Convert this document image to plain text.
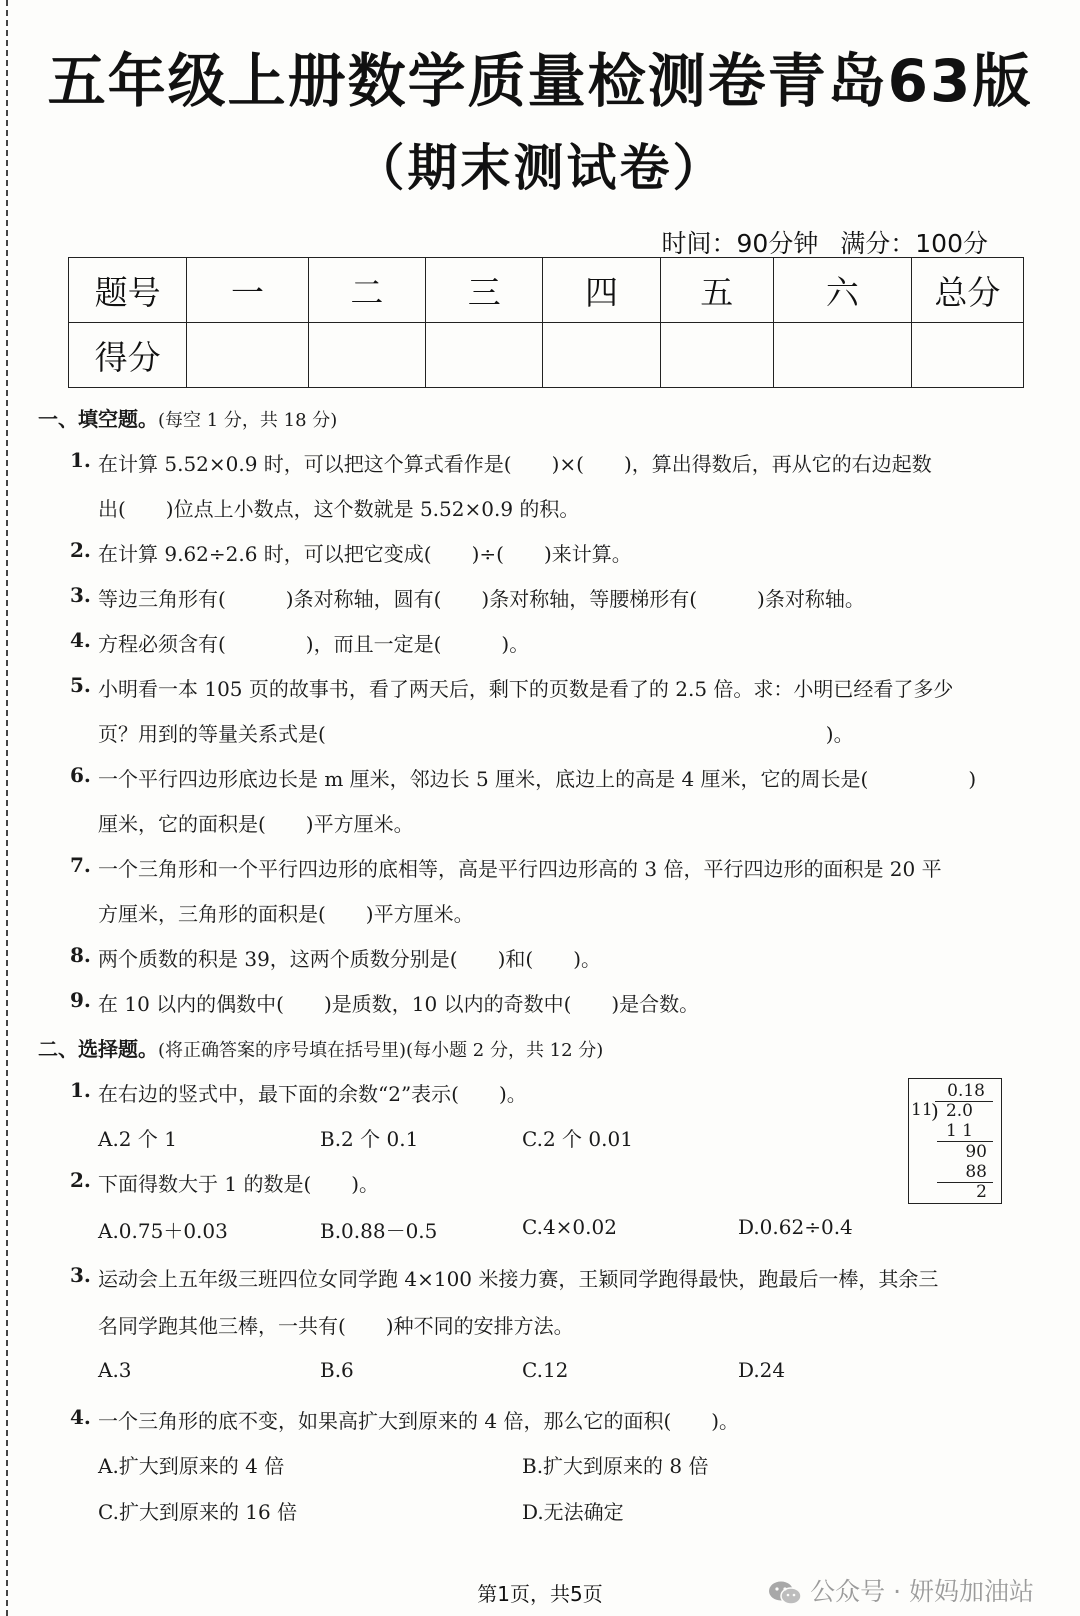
五年级上册数学质量检测卷青岛63版
（期末测试卷）
时间：90分钟 满分：100分
题号	一	二	三	四	五	六	总分
得分							
一、填空题。(每空 1 分，共 18 分)
1. 在计算 5.52×0.9 时，可以把这个算式看作是(　　)×(　　)，算出得数后，再从它的右边起数
出(　　)位点上小数点，这个数就是 5.52×0.9 的积。
2. 在计算 9.62÷2.6 时，可以把它变成(　　)÷(　　)来计算。
3. 等边三角形有(　　　)条对称轴，圆有(　　)条对称轴，等腰梯形有(　　　)条对称轴。
4. 方程必须含有(　　　　)，而且一定是(　　　)。
5. 小明看一本 105 页的故事书，看了两天后，剩下的页数是看了的 2.5 倍。求：小明已经看了多少
页？用到的等量关系式是(　　　　　　　　　　　　　　　　　　　　　　　　　)。
6. 一个平行四边形底边长是 m 厘米，邻边长 5 厘米，底边上的高是 4 厘米，它的周长是(　　　　　)
厘米，它的面积是(　　)平方厘米。
7. 一个三角形和一个平行四边形的底相等，高是平行四边形高的 3 倍，平行四边形的面积是 20 平
方厘米，三角形的面积是(　　)平方厘米。
8. 两个质数的积是 39，这两个质数分别是(　　)和(　　)。
9. 在 10 以内的偶数中(　　)是质数，10 以内的奇数中(　　)是合数。
二、选择题。(将正确答案的序号填在括号里)(每小题 2 分，共 12 分)
1. 在右边的竖式中，最下面的余数“2”表示(　　)。
A.2 个 1	B.2 个 0.1	C.2 个 0.01
0.18
11
) 2.0
1 1
90
88
2
2. 下面得数大于 1 的数是(　　)。
A.0.75＋0.03	B.0.88－0.5	C.4×0.02	D.0.62÷0.4
3. 运动会上五年级三班四位女同学跑 4×100 米接力赛，王颖同学跑得最快，跑最后一棒，其余三
名同学跑其他三棒，一共有(　　)种不同的安排方法。
A.3	B.6	C.12	D.24
4. 一个三角形的底不变，如果高扩大到原来的 4 倍，那么它的面积(　　)。
A.扩大到原来的 4 倍	B.扩大到原来的 8 倍
C.扩大到原来的 16 倍	D.无法确定
第1页，共5页	公众号 · 妍妈加油站
